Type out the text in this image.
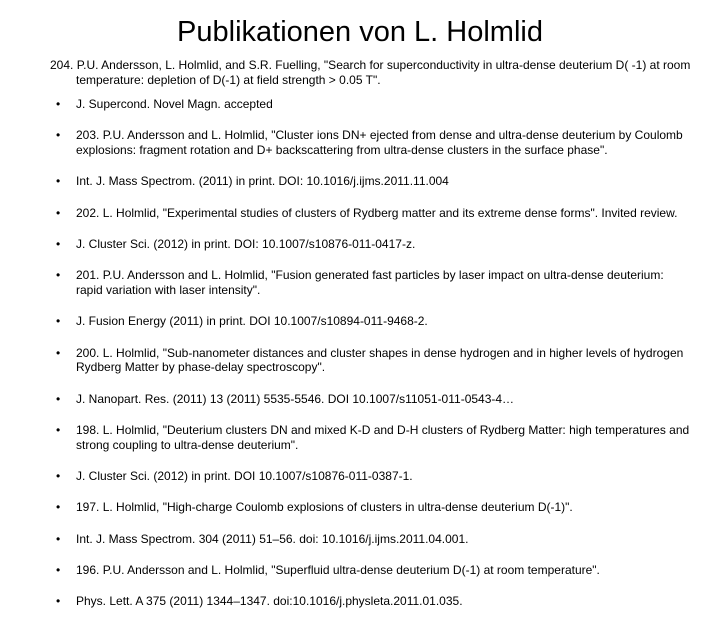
Publikationen von L. Holmlid

204. P.U. Andersson, L. Holmlid, and S.R. Fuelling, "Search for superconductivity in ultra-dense deuterium D( -1) at room temperature: depletion of D(-1) at field strength > 0.05 T".

• J. Supercond. Novel Magn. accepted
• 203. P.U. Andersson and L. Holmlid, "Cluster ions DN+ ejected from dense and ultra-dense deuterium by Coulomb explosions: fragment rotation and D+ backscattering from ultra-dense clusters in the surface phase".
• Int. J. Mass Spectrom. (2011) in print. DOI: 10.1016/j.ijms.2011.11.004
• 202. L. Holmlid, "Experimental studies of clusters of Rydberg matter and its extreme dense forms". Invited review.
• J. Cluster Sci. (2012) in print. DOI: 10.1007/s10876-011-0417-z.
• 201. P.U. Andersson and L. Holmlid, "Fusion generated fast particles by laser impact on ultra-dense deuterium: rapid variation with laser intensity".
• J. Fusion Energy (2011) in print. DOI 10.1007/s10894-011-9468-2.
• 200. L. Holmlid, "Sub-nanometer distances and cluster shapes in dense hydrogen and in higher levels of hydrogen Rydberg Matter by phase-delay spectroscopy".
• J. Nanopart. Res. (2011) 13 (2011) 5535-5546. DOI 10.1007/s11051-011-0543-4…
• 198. L. Holmlid, "Deuterium clusters DN and mixed K-D and D-H clusters of Rydberg Matter: high temperatures and strong coupling to ultra-dense deuterium".
• J. Cluster Sci. (2012) in print. DOI 10.1007/s10876-011-0387-1.
• 197. L. Holmlid, "High-charge Coulomb explosions of clusters in ultra-dense deuterium D(-1)".
• Int. J. Mass Spectrom. 304 (2011) 51–56. doi: 10.1016/j.ijms.2011.04.001.
• 196. P.U. Andersson and L. Holmlid, "Superfluid ultra-dense deuterium D(-1) at room temperature".
• Phys. Lett. A 375 (2011) 1344–1347. doi:10.1016/j.physleta.2011.01.035.
